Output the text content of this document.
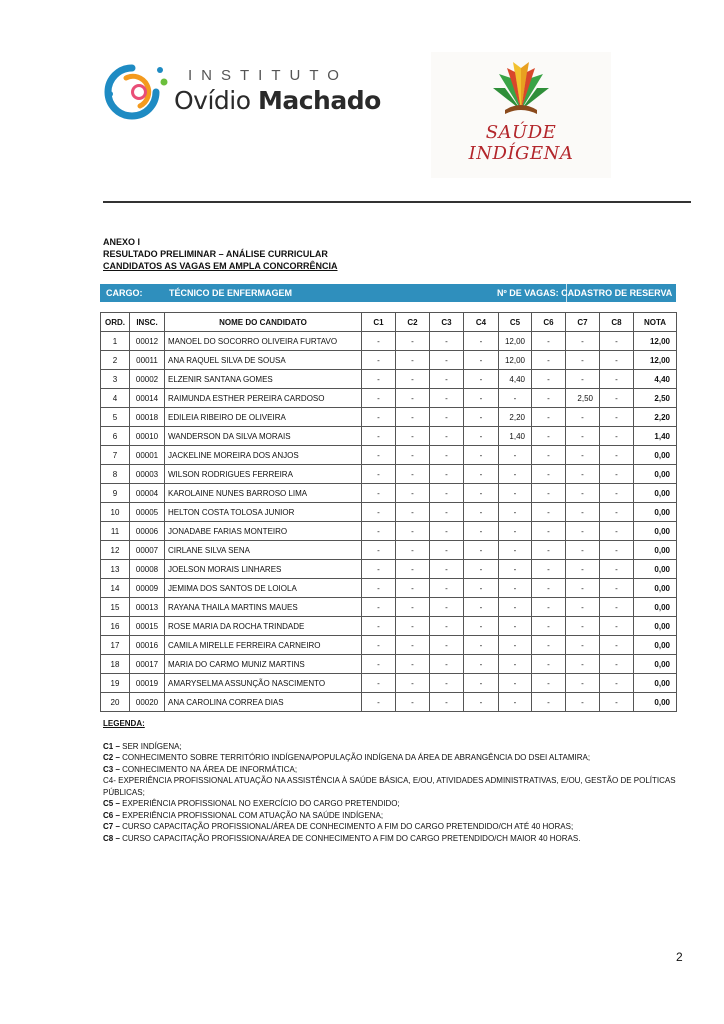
INSTITUTO
Ovídio Machado
SAÚDE INDÍGENA
ANEXO I
RESULTADO PRELIMINAR – ANÁLISE CURRICULAR
CANDIDATOS AS VAGAS EM AMPLA CONCORRÊNCIA
CARGO:	TÉCNICO DE ENFERMAGEM	Nº DE VAGAS: CADASTRO DE RESERVA
ORD.	INSC.	NOME DO CANDIDATO	C1	C2	C3	C4	C5	C6	C7	C8	NOTA
1	00012	MANOEL DO SOCORRO OLIVEIRA FURTAVO	-	-	-	-	12,00	-	-	-	12,00
2	00011	ANA RAQUEL SILVA DE SOUSA	-	-	-	-	12,00	-	-	-	12,00
3	00002	ELZENIR SANTANA GOMES	-	-	-	-	4,40	-	-	-	4,40
4	00014	RAIMUNDA ESTHER PEREIRA CARDOSO	-	-	-	-	-	-	2,50	-	2,50
5	00018	EDILEIA RIBEIRO DE OLIVEIRA	-	-	-	-	2,20	-	-	-	2,20
6	00010	WANDERSON DA SILVA MORAIS	-	-	-	-	1,40	-	-	-	1,40
7	00001	JACKELINE MOREIRA DOS ANJOS	-	-	-	-	-	-	-	-	0,00
8	00003	WILSON RODRIGUES FERREIRA	-	-	-	-	-	-	-	-	0,00
9	00004	KAROLAINE NUNES BARROSO LIMA	-	-	-	-	-	-	-	-	0,00
10	00005	HELTON COSTA TOLOSA JUNIOR	-	-	-	-	-	-	-	-	0,00
11	00006	JONADABE FARIAS MONTEIRO	-	-	-	-	-	-	-	-	0,00
12	00007	CIRLANE SILVA SENA	-	-	-	-	-	-	-	-	0,00
13	00008	JOELSON MORAIS LINHARES	-	-	-	-	-	-	-	-	0,00
14	00009	JEMIMA DOS SANTOS DE LOIOLA	-	-	-	-	-	-	-	-	0,00
15	00013	RAYANA THAILA MARTINS MAUES	-	-	-	-	-	-	-	-	0,00
16	00015	ROSE MARIA DA ROCHA TRINDADE	-	-	-	-	-	-	-	-	0,00
17	00016	CAMILA MIRELLE FERREIRA CARNEIRO	-	-	-	-	-	-	-	-	0,00
18	00017	MARIA DO CARMO MUNIZ MARTINS	-	-	-	-	-	-	-	-	0,00
19	00019	AMARYSELMA ASSUNÇÃO NASCIMENTO	-	-	-	-	-	-	-	-	0,00
20	00020	ANA CAROLINA CORREA DIAS	-	-	-	-	-	-	-	-	0,00
LEGENDA:
C1 – SER INDÍGENA;
C2 – CONHECIMENTO SOBRE TERRITÓRIO INDÍGENA/POPULAÇÃO INDÍGENA DA ÁREA DE ABRANGÊNCIA DO DSEI ALTAMIRA;
C3 – CONHECIMENTO NA ÁREA DE INFORMÁTICA;
C4- EXPERIÊNCIA PROFISSIONAL ATUAÇÃO NA ASSISTÊNCIA À SAÚDE BÁSICA, E/OU, ATIVIDADES ADMINISTRATIVAS, E/OU, GESTÃO DE POLÍTICAS PÚBLICAS;
C5 – EXPERIÊNCIA PROFISSIONAL NO EXERCÍCIO DO CARGO PRETENDIDO;
C6 – EXPERIÊNCIA PROFISSIONAL COM ATUAÇÃO NA SAÚDE INDÍGENA;
C7 – CURSO CAPACITAÇÃO PROFISSIONAL/ÁREA DE CONHECIMENTO A FIM DO CARGO PRETENDIDO/CH ATÉ 40 HORAS;
C8 – CURSO CAPACITAÇÃO PROFISSIONA/ÁREA DE CONHECIMENTO A FIM DO CARGO PRETENDIDO/CH MAIOR 40 HORAS.
2
